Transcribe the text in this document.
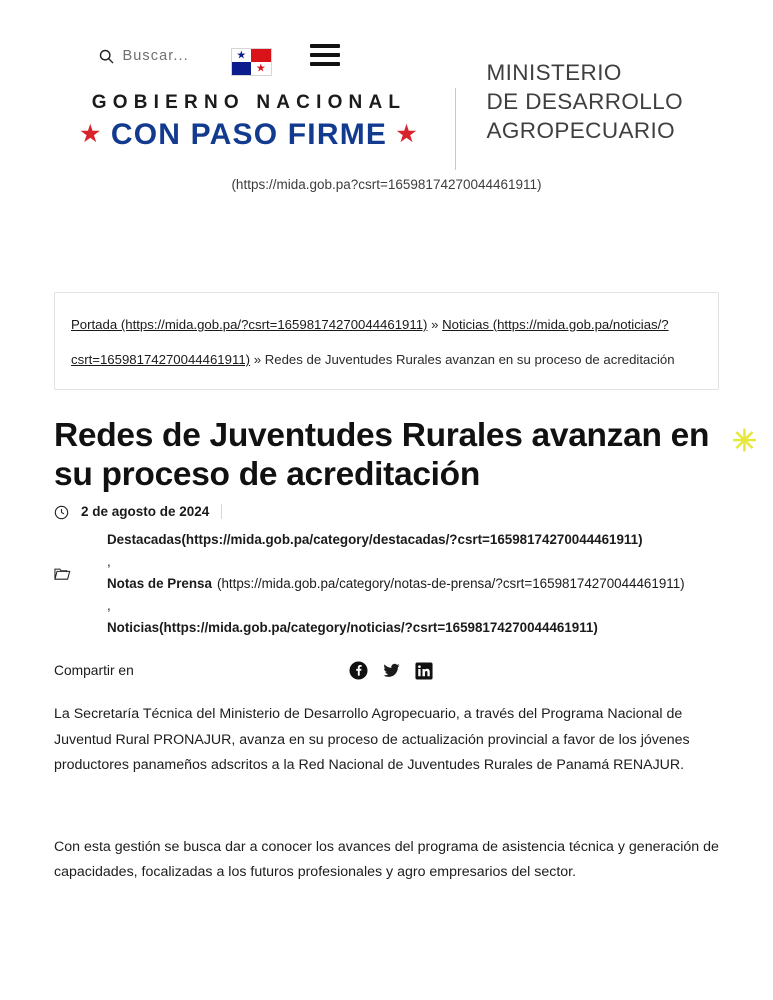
Buscar...	★
★
GOBIERNO NACIONAL
★ CON PASO FIRME ★
MINISTERIO
DE DESARROLLO
AGROPECUARIO
(https://mida.gob.pa?csrt=16598174270044461911)
✳
Portada (https://mida.gob.pa/?csrt=16598174270044461911) » Noticias (https://mida.gob.pa/noticias/?csrt=16598174270044461911) » Redes de Juventudes Rurales avanzan en su proceso de acreditación
Redes de Juventudes Rurales avanzan en su proceso de acreditación
2 de agosto de 2024
Destacadas(https://mida.gob.pa/category/destacadas/?csrt=16598174270044461911)
,
Notas de Prensa (https://mida.gob.pa/category/notas-de-prensa/?csrt=16598174270044461911)
,
Noticias(https://mida.gob.pa/category/noticias/?csrt=16598174270044461911)
Compartir en

La Secretaría Técnica del Ministerio de Desarrollo Agropecuario, a través del Programa Nacional de Juventud Rural PRONAJUR, avanza en su proceso de actualización provincial a favor de los jóvenes productores panameños adscritos a la Red Nacional de Juventudes Rurales de Panamá RENAJUR.

Con esta gestión se busca dar a conocer los avances del programa de asistencia técnica y generación de capacidades, focalizadas a los futuros profesionales y agro empresarios del sector.
